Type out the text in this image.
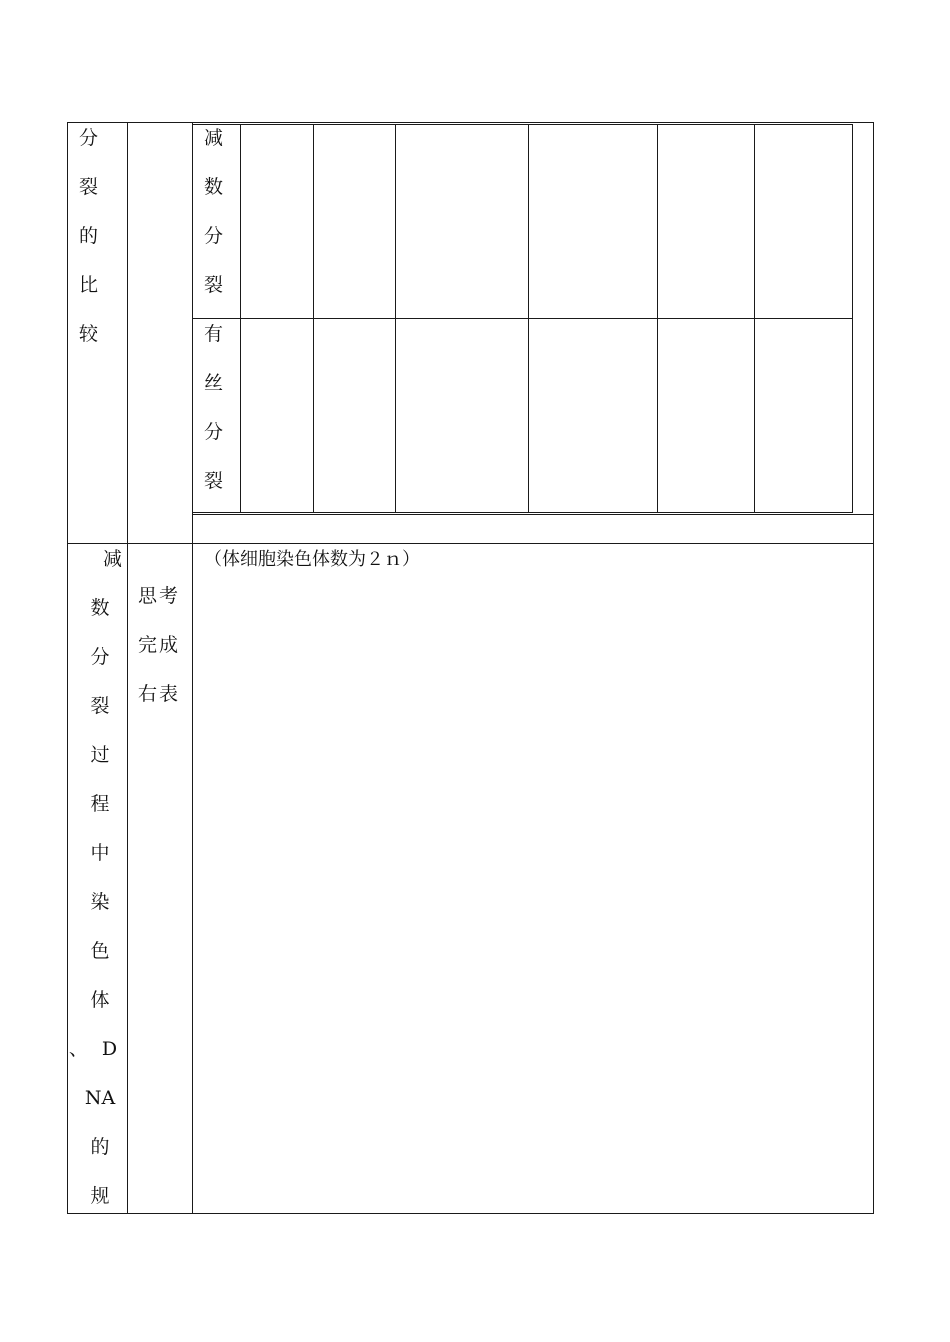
分
裂
的
比
较
减
数
分
裂
有
丝
分
裂
减
数
分
裂
过
程
中
染
色
体
、D
NA
的
规
思考
完成
右表
（体细胞染色体数为２ｎ）
